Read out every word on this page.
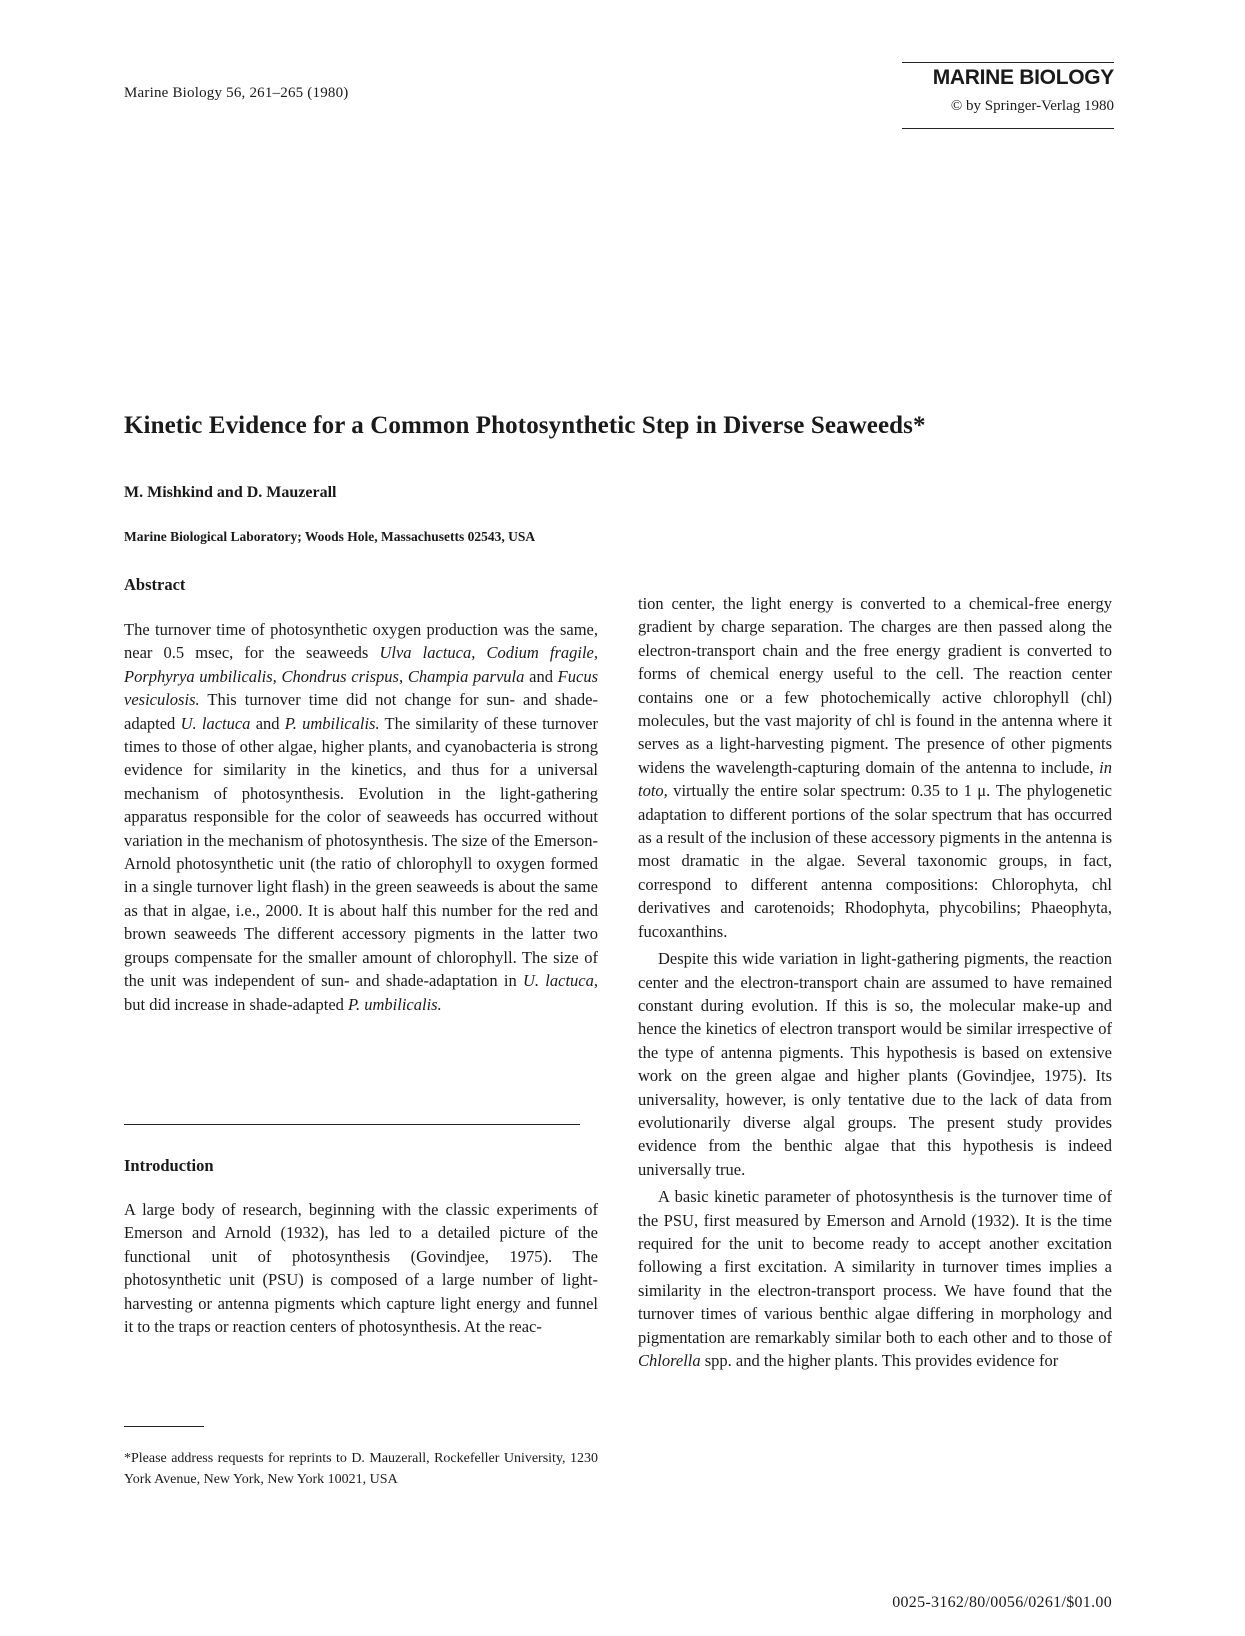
Marine Biology 56, 261–265 (1980)
MARINE BIOLOGY
© by Springer-Verlag 1980
Kinetic Evidence for a Common Photosynthetic Step in Diverse Seaweeds*
M. Mishkind and D. Mauzerall
Marine Biological Laboratory; Woods Hole, Massachusetts 02543, USA
Abstract

The turnover time of photosynthetic oxygen production was the same, near 0.5 msec, for the seaweeds Ulva lactuca, Codium fragile, Porphyrya umbilicalis, Chondrus crispus, Champia parvula and Fucus vesiculosis. This turnover time did not change for sun- and shade-adapted U. lactuca and P. umbilicalis. The similarity of these turnover times to those of other algae, higher plants, and cyanobacteria is strong evidence for similarity in the kinetics, and thus for a universal mechanism of photosynthesis. Evolution in the light-gathering apparatus responsible for the color of seaweeds has occurred without variation in the mechanism of photosynthesis. The size of the Emerson-Arnold photosynthetic unit (the ratio of chlorophyll to oxygen formed in a single turnover light flash) in the green seaweeds is about the same as that in algae, i.e., 2000. It is about half this number for the red and brown seaweeds The different accessory pigments in the latter two groups compensate for the smaller amount of chlorophyll. The size of the unit was independent of sun- and shade-adaptation in U. lactuca, but did increase in shade-adapted P. umbilicalis.

Introduction

A large body of research, beginning with the classic experiments of Emerson and Arnold (1932), has led to a detailed picture of the functional unit of photosynthesis (Govindjee, 1975). The photosynthetic unit (PSU) is composed of a large number of light-harvesting or antenna pigments which capture light energy and funnel it to the traps or reaction centers of photosynthesis. At the reac-

*Please address requests for reprints to D. Mauzerall, Rockefeller University, 1230 York Avenue, New York, New York 10021, USA

tion center, the light energy is converted to a chemical-free energy gradient by charge separation. The charges are then passed along the electron-transport chain and the free energy gradient is converted to forms of chemical energy useful to the cell. The reaction center contains one or a few photochemically active chlorophyll (chl) molecules, but the vast majority of chl is found in the antenna where it serves as a light-harvesting pigment. The presence of other pigments widens the wavelength-capturing domain of the antenna to include, in toto, virtually the entire solar spectrum: 0.35 to 1 μ. The phylogenetic adaptation to different portions of the solar spectrum that has occurred as a result of the inclusion of these accessory pigments in the antenna is most dramatic in the algae. Several taxonomic groups, in fact, correspond to different antenna compositions: Chlorophyta, chl derivatives and carotenoids; Rhodophyta, phycobilins; Phaeophyta, fucoxanthins.

Despite this wide variation in light-gathering pigments, the reaction center and the electron-transport chain are assumed to have remained constant during evolution. If this is so, the molecular make-up and hence the kinetics of electron transport would be similar irrespective of the type of antenna pigments. This hypothesis is based on extensive work on the green algae and higher plants (Govindjee, 1975). Its universality, however, is only tentative due to the lack of data from evolutionarily diverse algal groups. The present study provides evidence from the benthic algae that this hypothesis is indeed universally true.

A basic kinetic parameter of photosynthesis is the turnover time of the PSU, first measured by Emerson and Arnold (1932). It is the time required for the unit to become ready to accept another excitation following a first excitation. A similarity in turnover times implies a similarity in the electron-transport process. We have found that the turnover times of various benthic algae differing in morphology and pigmentation are remarkably similar both to each other and to those of Chlorella spp. and the higher plants. This provides evidence for

0025-3162/80/0056/0261/$01.00
